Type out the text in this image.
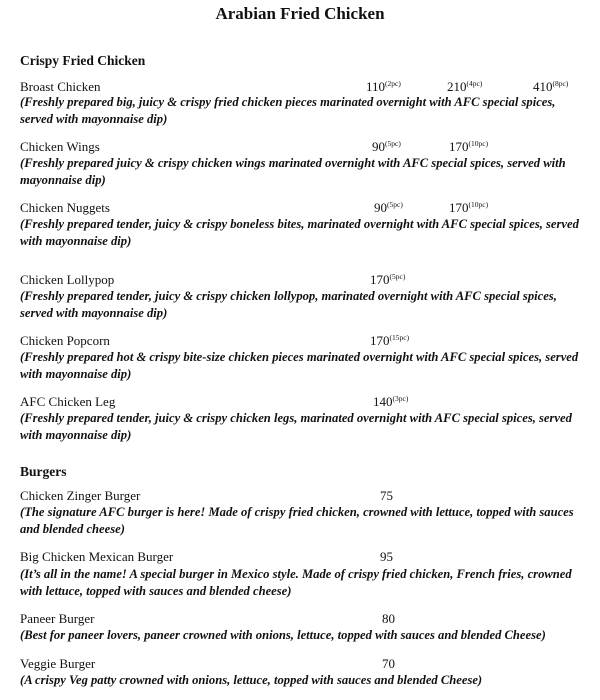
Arabian Fried Chicken
Crispy Fried Chicken
Broast Chicken	$110^{(2pc)}$	$210^{(4pc)}$	$410^{(8pc)}$
(Freshly prepared big, juicy & crispy fried chicken pieces marinated overnight with AFC special spices, served with mayonnaise dip)
Chicken Wings	$90^{(5pc)}$	$170^{(10pc)}$
(Freshly prepared juicy & crispy chicken wings marinated overnight with AFC special spices, served with mayonnaise dip)
Chicken Nuggets	$90^{(5pc)}$	$170^{(10pc)}$
(Freshly prepared tender, juicy & crispy boneless bites, marinated overnight with AFC special spices, served with mayonnaise dip)
Chicken Lollypop	$170^{(5pc)}$
(Freshly prepared tender, juicy & crispy chicken lollypop, marinated overnight with AFC special spices, served with mayonnaise dip)
Chicken Popcorn	$170^{(15pc)}$
(Freshly prepared hot & crispy bite-size chicken pieces marinated overnight with AFC special spices, served with mayonnaise dip)
AFC Chicken Leg	$140^{(3pc)}$
(Freshly prepared tender, juicy & crispy chicken legs, marinated overnight with AFC special spices, served with mayonnaise dip)
Burgers
Chicken Zinger Burger	75
(The signature AFC burger is here! Made of crispy fried chicken, crowned with lettuce, topped with sauces and blended cheese)
Big Chicken Mexican Burger	95
(It’s all in the name! A special burger in Mexico style. Made of crispy fried chicken, French fries, crowned with lettuce, topped with sauces and blended cheese)
Paneer Burger	80
(Best for paneer lovers, paneer crowned with onions, lettuce, topped with sauces and blended Cheese)
Veggie Burger	70
(A crispy Veg patty crowned with onions, lettuce, topped with sauces and blended Cheese)
